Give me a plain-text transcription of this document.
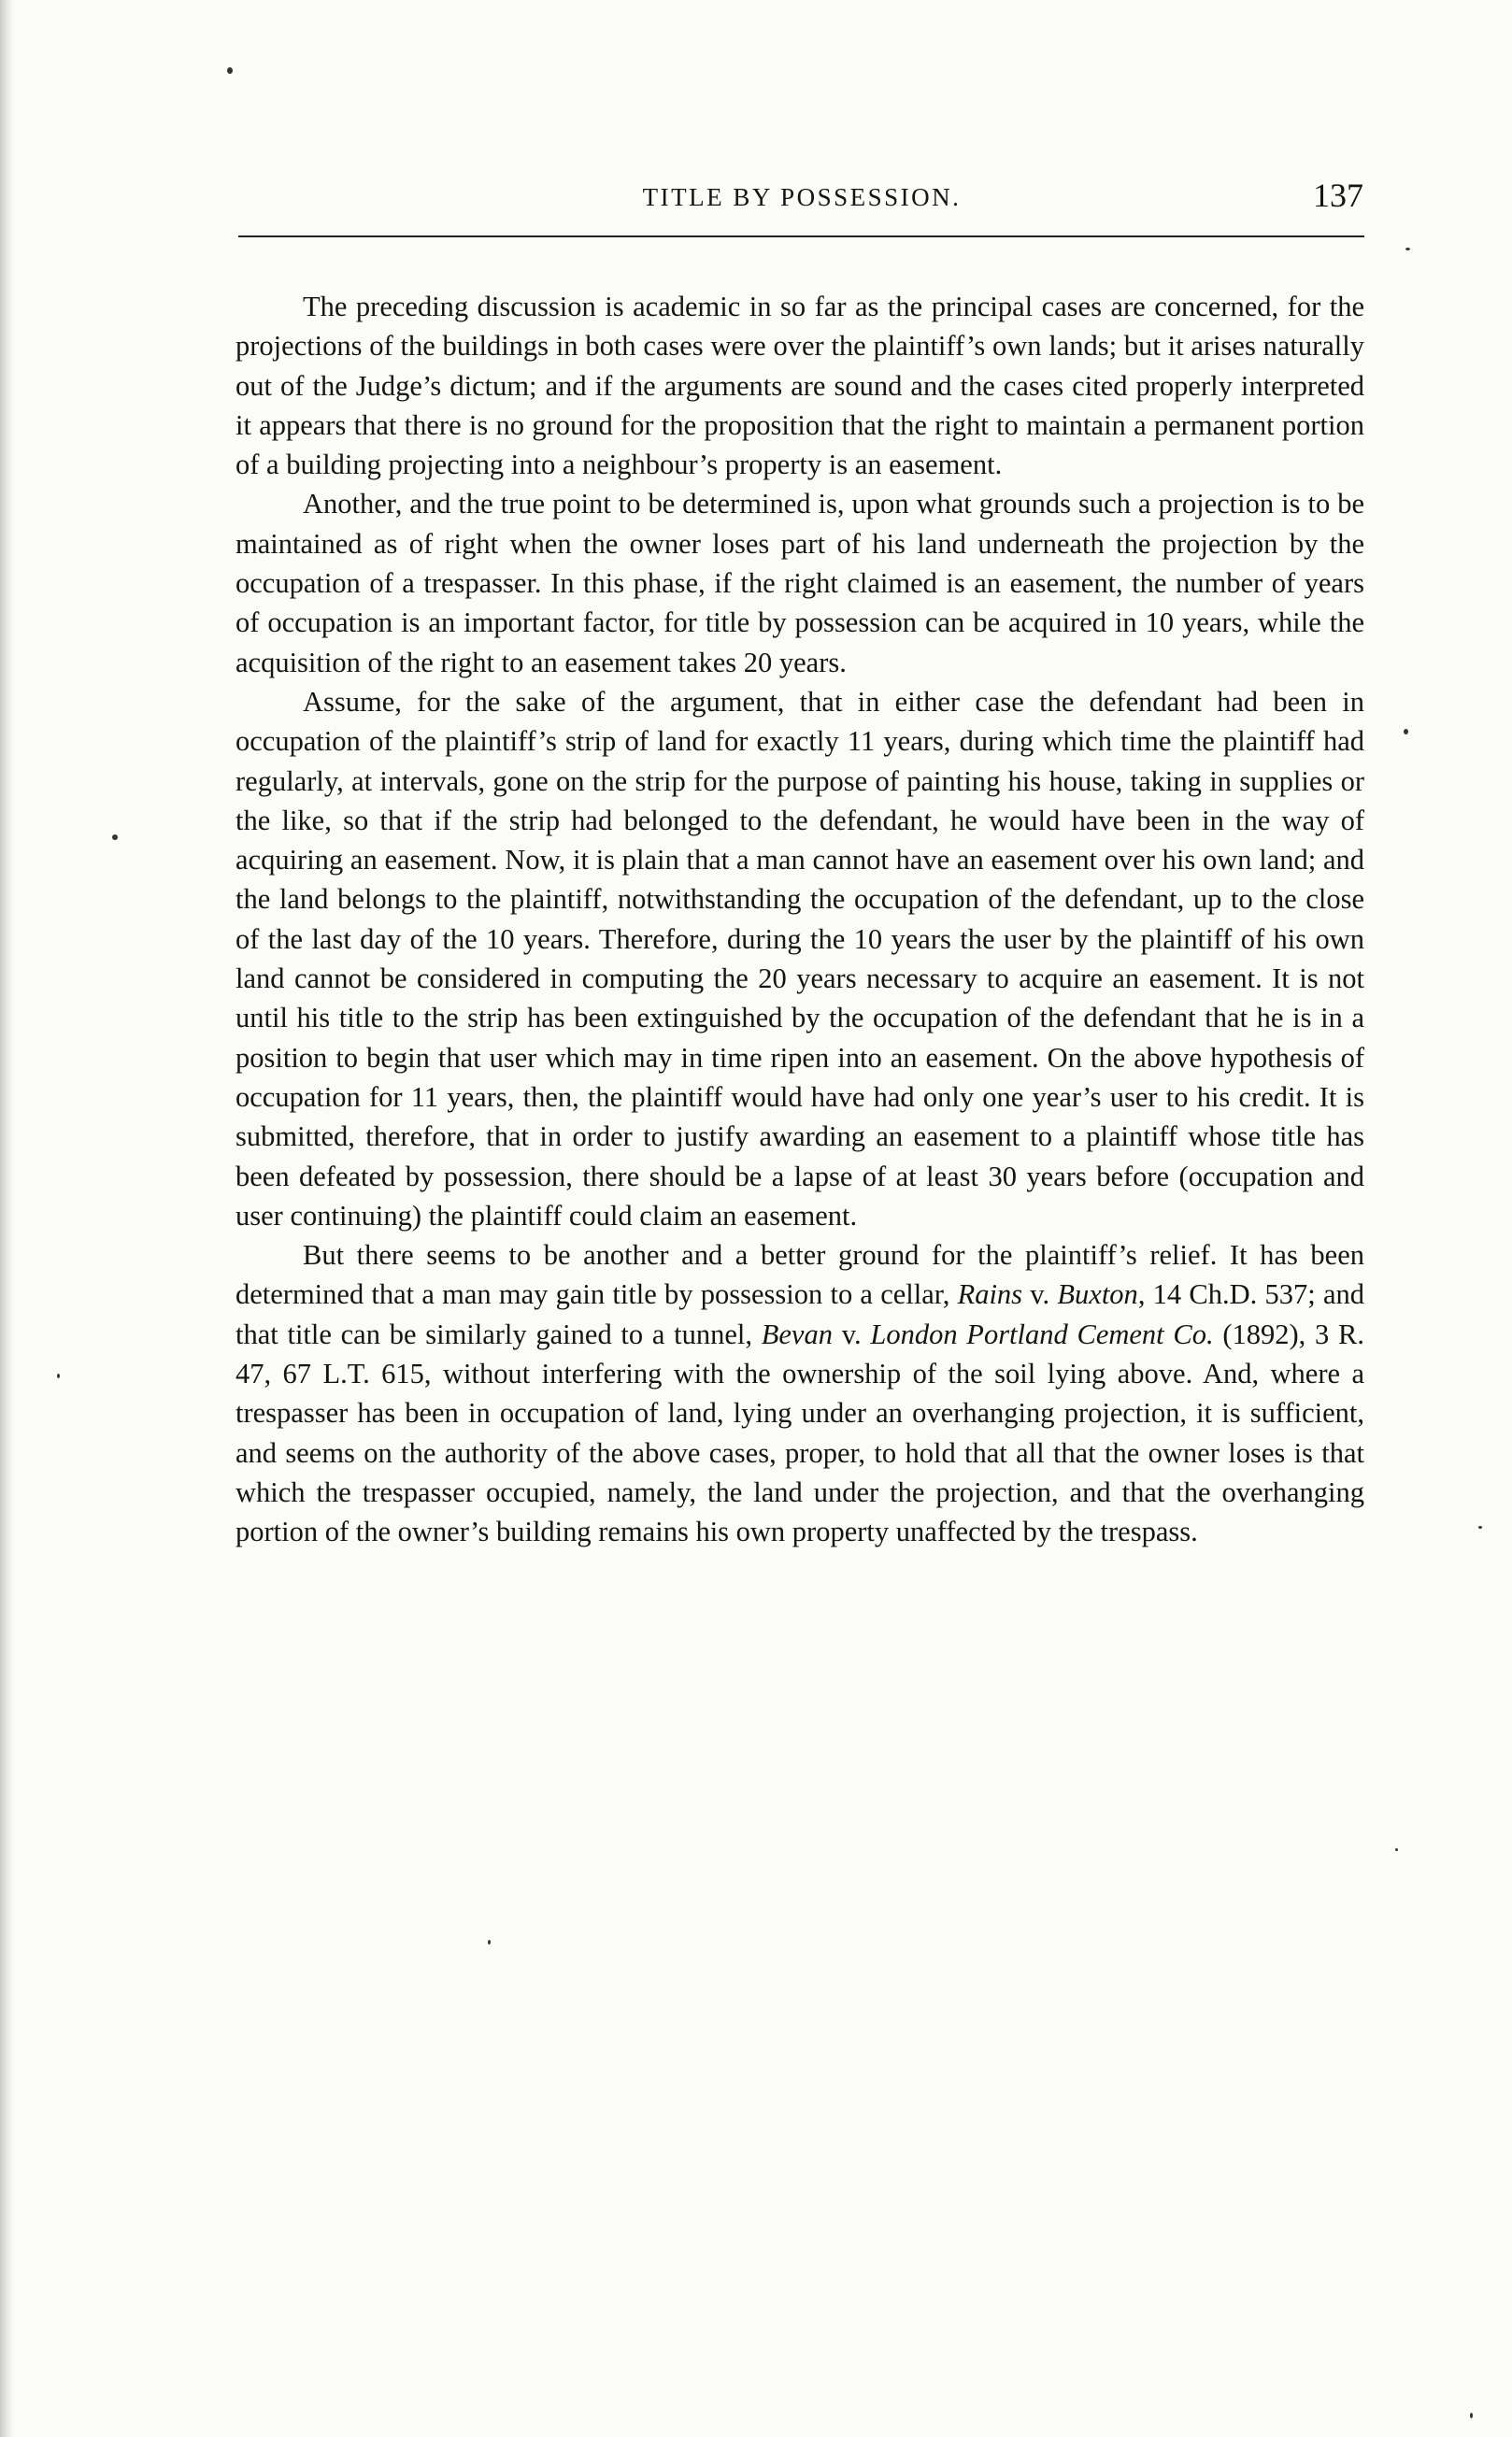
TITLE BY POSSESSION.	137

The preceding discussion is academic in so far as the principal cases are concerned, for the projections of the buildings in both cases were over the plaintiff’s own lands; but it arises naturally out of the Judge’s dictum; and if the arguments are sound and the cases cited properly interpreted it appears that there is no ground for the proposition that the right to maintain a permanent portion of a building projecting into a neighbour’s property is an easement.

Another, and the true point to be determined is, upon what grounds such a projection is to be maintained as of right when the owner loses part of his land underneath the projection by the occupation of a trespasser. In this phase, if the right claimed is an easement, the number of years of occupation is an important factor, for title by possession can be acquired in 10 years, while the acquisition of the right to an easement takes 20 years.

Assume, for the sake of the argument, that in either case the defendant had been in occupation of the plaintiff’s strip of land for exactly 11 years, during which time the plaintiff had regularly, at intervals, gone on the strip for the purpose of painting his house, taking in supplies or the like, so that if the strip had belonged to the defendant, he would have been in the way of acquiring an easement. Now, it is plain that a man cannot have an easement over his own land; and the land belongs to the plaintiff, notwithstanding the occupation of the defendant, up to the close of the last day of the 10 years. Therefore, during the 10 years the user by the plaintiff of his own land cannot be considered in computing the 20 years necessary to acquire an easement. It is not until his title to the strip has been extinguished by the occupation of the defendant that he is in a position to begin that user which may in time ripen into an easement. On the above hypothesis of occupation for 11 years, then, the plaintiff would have had only one year’s user to his credit. It is submitted, therefore, that in order to justify awarding an easement to a plaintiff whose title has been defeated by possession, there should be a lapse of at least 30 years before (occupation and user continuing) the plaintiff could claim an easement.

But there seems to be another and a better ground for the plaintiff’s relief. It has been determined that a man may gain title by possession to a cellar, Rains v. Buxton, 14 Ch.D. 537; and that title can be similarly gained to a tunnel, Bevan v. London Portland Cement Co. (1892), 3 R. 47, 67 L.T. 615, without interfering with the ownership of the soil lying above. And, where a trespasser has been in occupation of land, lying under an overhanging projection, it is sufficient, and seems on the authority of the above cases, proper, to hold that all that the owner loses is that which the trespasser occupied, namely, the land under the projection, and that the overhanging portion of the owner’s building remains his own property unaffected by the trespass.
